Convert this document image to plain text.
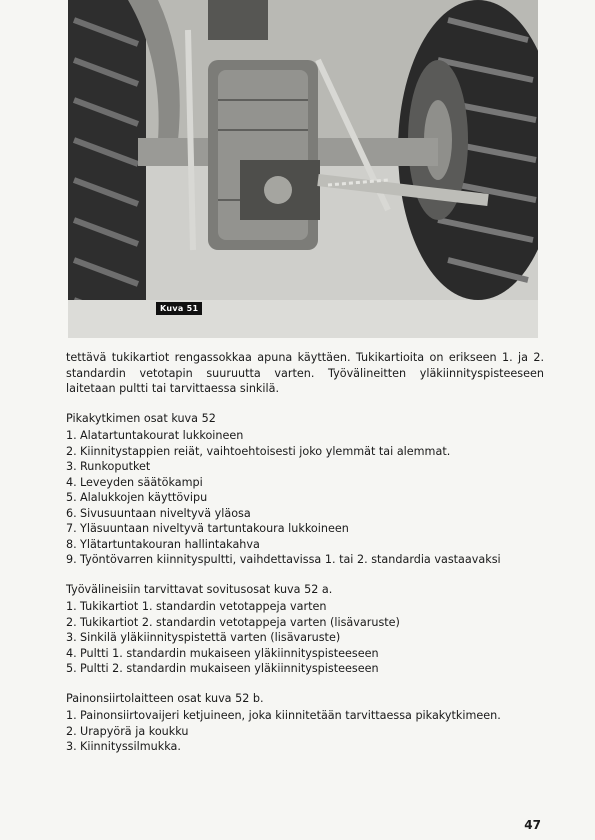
Kuva 51

tettävä tukikartiot rengassokkaa apuna käyttäen. Tukikartioita on erikseen 1. ja 2. standardin vetotapin suuruutta varten. Työvälineitten yläkiinnityspisteeseen laitetaan pultti tai tarvittaessa sinkilä.

Pikakytkimen osat kuva 52

1. Alatartuntakourat lukkoineen
2. Kiinnitystappien reiät, vaihtoehtoisesti joko ylemmät tai alemmat.
3. Runkoputket
4. Leveyden säätökampi
5. Alalukkojen käyttövipu
6. Sivusuuntaan niveltyvä yläosa
7. Yläsuuntaan niveltyvä tartuntakoura lukkoineen
8. Ylätartuntakouran hallintakahva
9. Työntövarren kiinnityspultti, vaihdettavissa 1. tai 2. standardia vastaavaksi

Työvälineisiin tarvittavat sovitusosat kuva 52 a.

1. Tukikartiot 1. standardin vetotappeja varten
2. Tukikartiot 2. standardin vetotappeja varten (lisävaruste)
3. Sinkilä yläkiinnityspistettä varten (lisävaruste)
4. Pultti 1. standardin mukaiseen yläkiinnityspisteeseen
5. Pultti 2. standardin mukaiseen yläkiinnityspisteeseen

Painonsiirtolaitteen osat kuva 52 b.

1. Painonsiirtovaijeri ketjuineen, joka kiinnitetään tarvittaessa pikakytkimeen.
2. Urapyörä ja koukku
3. Kiinnityssilmukka.
47
